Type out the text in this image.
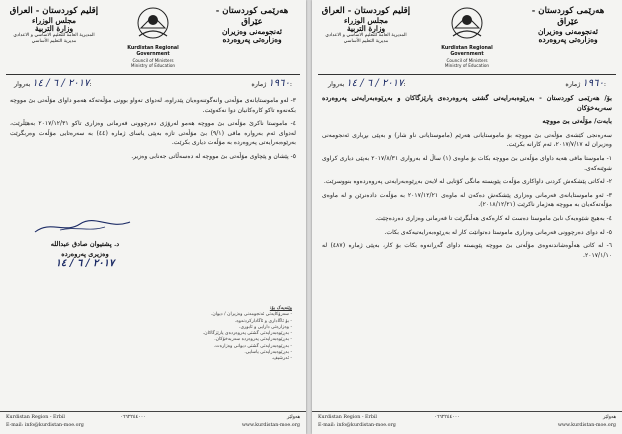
إقليم كوردستان - العراق
مجلس الوزراء
وزارة التربية
المديرية العامة للتعليم الاساسي و الاعدادي
مديرية التعليم الأساسي
Kurdistan Regional Government
Council of Ministers
Ministry of Education
هەرێمی کوردستان - عێراق
ئەنجومەنی وەزیران
وەزارەتی پەروەردە
٢٠١٧ / ٦ / ١٤ بەروار:	١٩٦٠ ژمارە:

٣- لەو ماموستایانەی مۆڵەتی وانەگوتنەوەیان پێدراوە، لەدوای تەواو بوونی مۆڵەتەکە هەمو داوای مۆڵەتی بێ مووچە بکەنەوە تاکو کارەکانیان دوا نەکەوێت.

٤- ماموستا ناکرێ مۆڵەتی بێ مووچە هەمو لەرۆژی دەرچوونی فەرمانی وەزاری تاکو ٢٠١٧/١٢/٣١ بەهێڵرێت، لەدوای ئەم بەروارە مافی (٩/١) بێ مۆڵەتی تازە بەپێی یاسای ژمارە (٤٤) بە سەرەتایی مۆڵەت وەربگرێت بەرێوەبەرایەتی پەروەردە بە مۆڵەت دیاری بکرێت.

٥- پێشان و پێچاوی مۆڵەتی بێ مووچە لە دەسەڵاتی جەنابی وەزیر.

د. پشتیوان صادق عبدالله
وەزیری پەروەردە
٢٠١٧ / ٦ / ١٤
وێنەیەک بۆ:
- سەرۆکایەتی ئەنجومەنی وەزیران / دیوان.
- بۆ ئاگاداری و ئاگادارکردنەوە.
- وەزارەتی دارایی و ئابوری.
- بەڕێوەبەرایەتی گشتی پەروەردەی پارێزگاکان.
- بەڕێوەبەرایەتی پەروەردە سەربەخۆکان.
- بەڕێوەبەرایەتی گشتی دیوانی وەزارەت.
- بەڕێوەبەرایەتی یاسایی.
- ئەرشیف.
Kurdistan Region - Erbil	٠٦٦٢٢٤٤٠٠٠	هەولێر
E-mail: info@kurdistan-moe.org	www.kurdistan-moe.org
إقليم كوردستان - العراق
مجلس الوزراء
وزارة التربية
المديرية العامة للتعليم الاساسي و الاعدادي
مديرية التعليم الأساسي
Kurdistan Regional Government
Council of Ministers
Ministry of Education
هەرێمی کوردستان - عێراق
ئەنجومەنی وەزیران
وەزارەتی پەروەردە
٢٠١٧ / ٦ / ١٤ بەروار:	١٩٦٠ ژمارە:

بۆ/ هەرێمی کوردستان - بەڕێوەبەرایەتی گشتی پەروەردەی پارێزگاکان و بەڕێوەبەرایەتی پەروەردە سەربەخۆکان

بابەت/ مۆڵەتی بێ مووچە

سەرەنجی کێشەی مۆڵەتی بێ مووچە بۆ ماموستایانی هەرێم (ماموستایانی ناو شار) و بەپێی بڕیاری ئەنجومەنی وەزیران لە ٢٠١٧/٧/١٧، ئەم کارانە بکرێت.

١- ماموستا مافی هەیە داوای مۆڵەتی بێ مووچە بکات بۆ ماوەی (١) ساڵ لە بەرواری ٢٠١٧/٨/٣١ بەپێی دیاری کراوی شوێنەکەی.

٢- لەکاتی پێشکەش کردنی داواکاری مۆڵەت پێویستە مانگی کۆتایی لە لایەن بەڕێوەبەرایەتی پەروەردەوە بنووسرێت.

٣- ئەو ماموستایانەی فەرمانی وەزاری پێشکەش دەکەن لە ماوەی ٢٠١٧/١٢/٢١ بە مۆڵەت دادەنرێن و لە ماوەی مۆڵەتەکەیان بە مووچە هەژمار ناکرێت (٢٠١٨/١٢/٢١).

٤- بەهیچ شێوەیەک نابێ ماموستا دەست لە کارەکەی هەڵبگرێت تا فەرمانی وەزاری دەردەچێت.

٥- لە دوای دەرچوونی فەرمانی وەزاری ماموستا دەتوانێت کار لە بەڕێوەبەرایەتیەکەی بکات.

٦- لە کاتی هەڵوەشاندنەوەی مۆڵەتی بێ مووچە پێویستە داوای گەڕانەوە بکات بۆ کار، بەپێی ژمارە (٤٨٧) لە ٢٠١٧/١/١٠.

Kurdistan Region - Erbil	٠٦٦٢٢٤٤٠٠٠	هەولێر
E-mail: info@kurdistan-moe.org	www.kurdistan-moe.org
